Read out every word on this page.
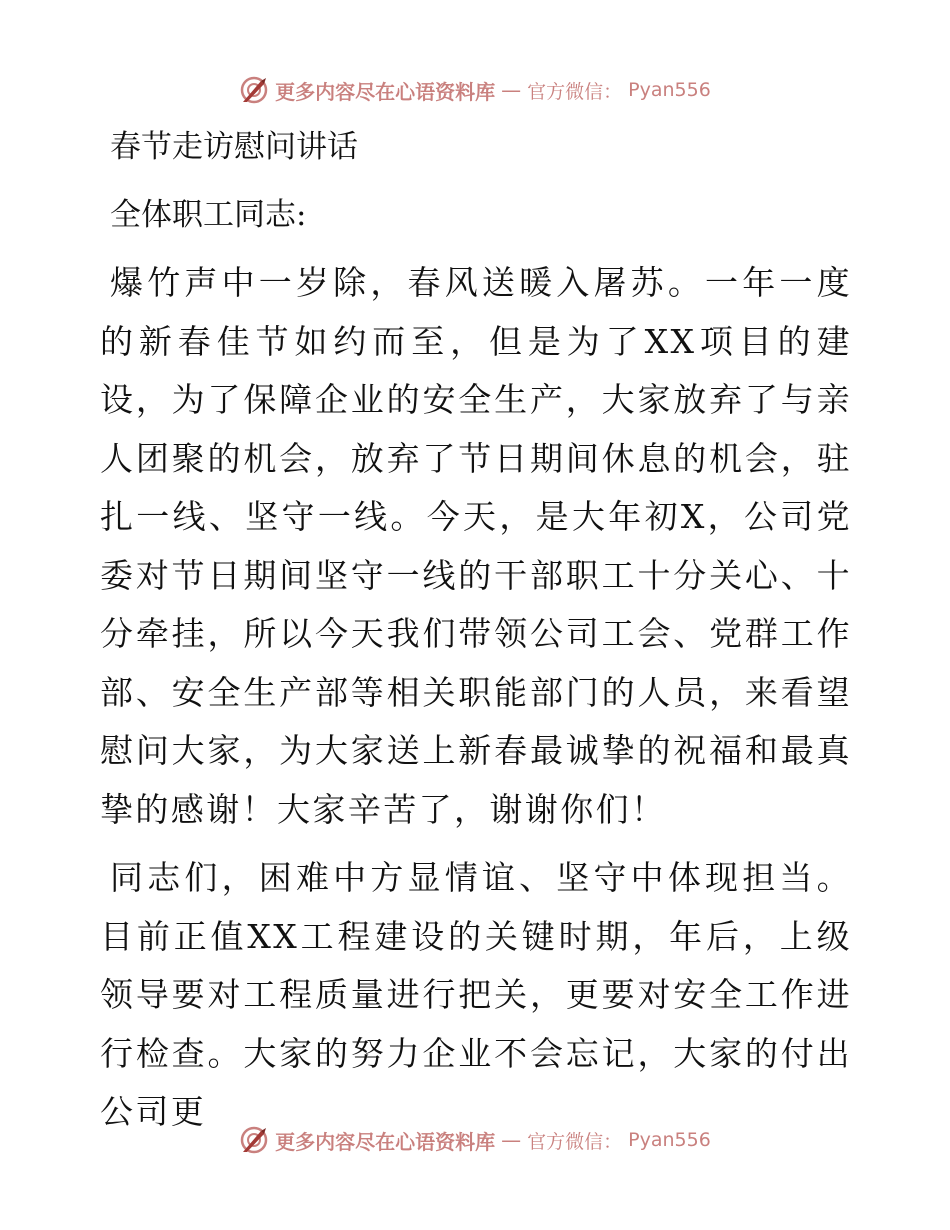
更多内容尽在心语资料库 — 官方微信： Pyan556
春节走访慰问讲话
全体职工同志:

爆竹声中一岁除，春风送暖入屠苏。一年一度的新春佳节如约而至，但是为了XX项目的建设，为了保障企业的安全生产，大家放弃了与亲人团聚的机会，放弃了节日期间休息的机会，驻扎一线、坚守一线。今天，是大年初X，公司党委对节日期间坚守一线的干部职工十分关心、十分牵挂，所以今天我们带领公司工会、党群工作部、安全生产部等相关职能部门的人员，来看望慰问大家，为大家送上新春最诚挚的祝福和最真挚的感谢！大家辛苦了，谢谢你们！

同志们，困难中方显情谊、坚守中体现担当。目前正值XX工程建设的关键时期，年后，上级领导要对工程质量进行把关，更要对安全工作进行检查。大家的努力企业不会忘记，大家的付出公司更

更多内容尽在心语资料库 — 官方微信： Pyan556
